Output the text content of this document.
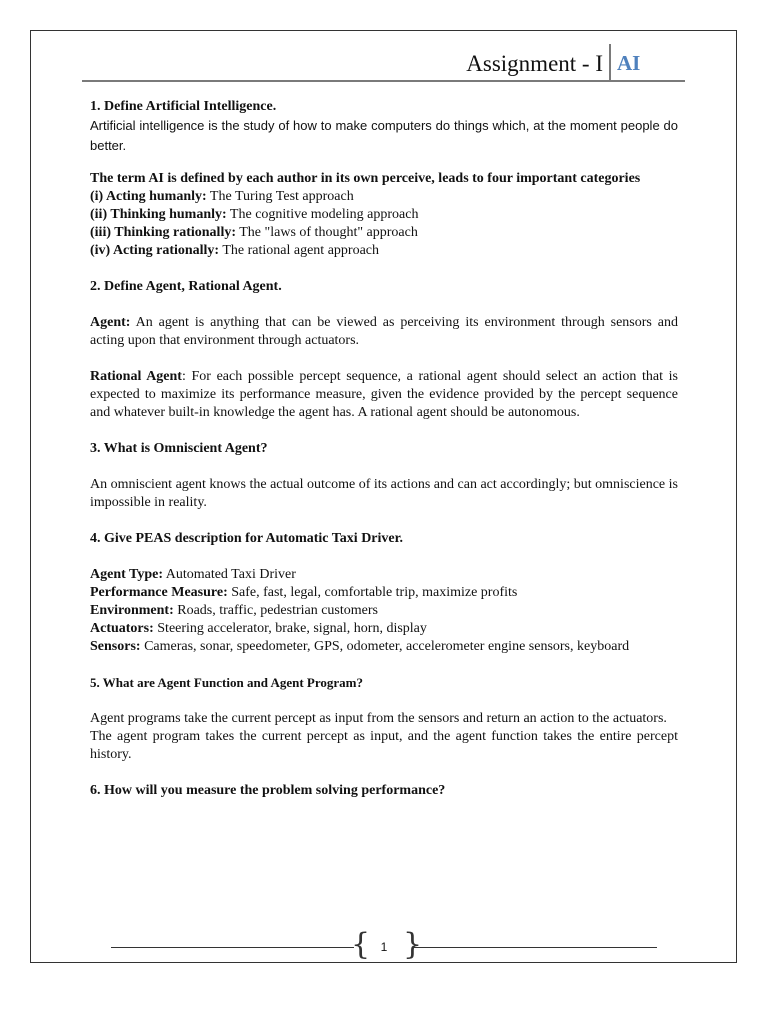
Assignment - I AI

1. Define Artificial Intelligence.

Artificial intelligence is the study of how to make computers do things which, at the moment people do better.

The term AI is defined by each author in its own perceive, leads to four important categories

(i) Acting humanly: The Turing Test approach

(ii) Thinking humanly: The cognitive modeling approach

(iii) Thinking rationally: The "laws of thought" approach

(iv) Acting rationally: The rational agent approach

2. Define Agent, Rational Agent.

Agent: An agent is anything that can be viewed as perceiving its environment through sensors and acting upon that environment through actuators.

Rational Agent: For each possible percept sequence, a rational agent should select an action that is expected to maximize its performance measure, given the evidence provided by the percept sequence and whatever built-in knowledge the agent has. A rational agent should be autonomous.

3. What is Omniscient Agent?

An omniscient agent knows the actual outcome of its actions and can act accordingly; but omniscience is impossible in reality.

4. Give PEAS description for Automatic Taxi Driver.

Agent Type: Automated Taxi Driver

Performance Measure: Safe, fast, legal, comfortable trip, maximize profits

Environment: Roads, traffic, pedestrian customers

Actuators: Steering accelerator, brake, signal, horn, display

Sensors: Cameras, sonar, speedometer, GPS, odometer, accelerometer engine sensors, keyboard

5. What are Agent Function and Agent Program?

Agent programs take the current percept as input from the sensors and return an action to the actuators.

The agent program takes the current percept as input, and the agent function takes the entire percept history.

6. How will you measure the problem solving performance?

{ }
1
